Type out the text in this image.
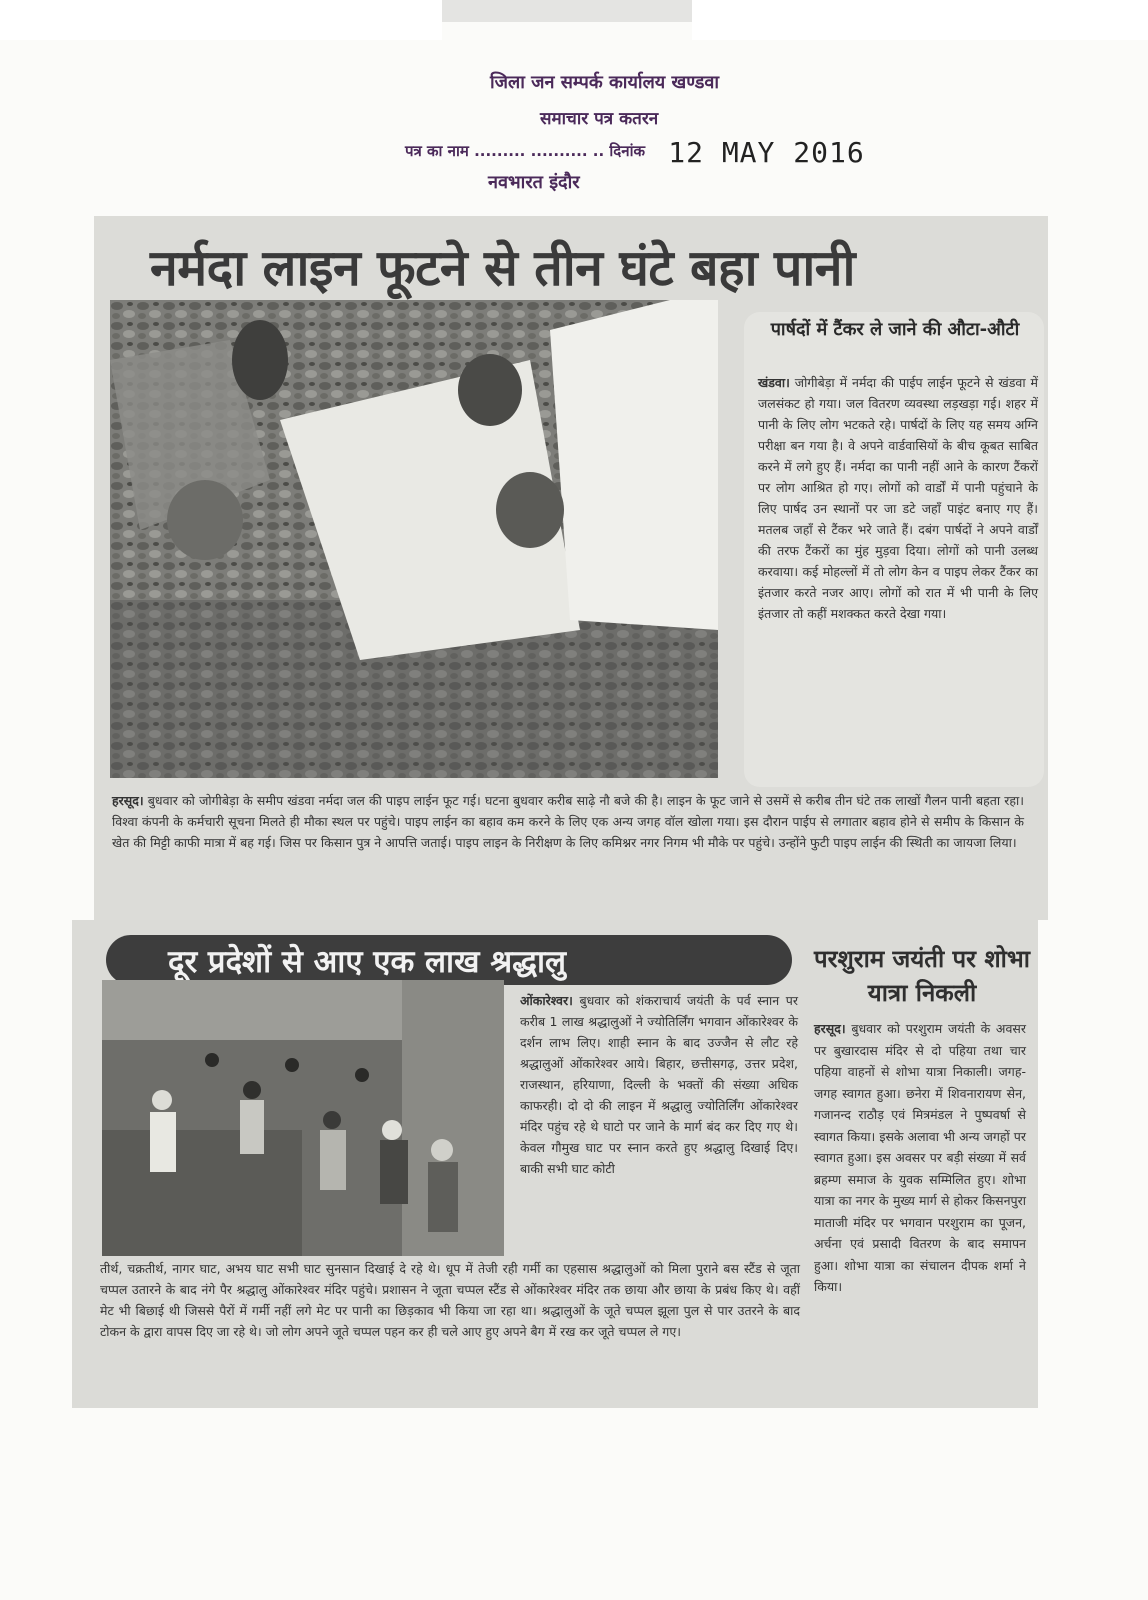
जिला जन सम्पर्क कार्यालय खण्डवा
समाचार पत्र कतरन
पत्र का नाम ......... .......... .. दिनांक 12 MAY 2016
नवभारत इंदौर
नर्मदा लाइन फूटने से तीन घंटे बहा पानी
पार्षदों में टैंकर ले जाने की औटा-औटी
खंडवा। जोगीबेड़ा में नर्मदा की पाईप लाईन फूटने से खंडवा में जलसंकट हो गया। जल वितरण व्यवस्था लड़खड़ा गई। शहर में पानी के लिए लोग भटकते रहे। पार्षदों के लिए यह समय अग्नि परीक्षा बन गया है। वे अपने वार्डवासियों के बीच कूबत साबित करने में लगे हुए हैं। नर्मदा का पानी नहीं आने के कारण टैंकरों पर लोग आश्रित हो गए। लोगों को वार्डों में पानी पहुंचाने के लिए पार्षद उन स्थानों पर जा डटे जहाँ पाइंट बनाए गए हैं। मतलब जहाँ से टैंकर भरे जाते हैं। दबंग पार्षदों ने अपने वार्डों की तरफ टैंकरों का मुंह मुड़वा दिया। लोगों को पानी उलब्ध करवाया। कई मोहल्लों में तो लोग केन व पाइप लेकर टैंकर का इंतजार करते नजर आए। लोगों को रात में भी पानी के लिए इंतजार तो कहीं मशक्कत करते देखा गया।
हरसूद। बुधवार को जोगीबेड़ा के समीप खंडवा नर्मदा जल की पाइप लाईन फूट गई। घटना बुधवार करीब साढ़े नौ बजे की है। लाइन के फूट जाने से उसमें से करीब तीन घंटे तक लाखों गैलन पानी बहता रहा। विश्वा कंपनी के कर्मचारी सूचना मिलते ही मौका स्थल पर पहुंचे। पाइप लाईन का बहाव कम करने के लिए एक अन्य जगह वॉल खोला गया। इस दौरान पाईप से लगातार बहाव होने से समीप के किसान के खेत की मिट्टी काफी मात्रा में बह गई। जिस पर किसान पुत्र ने आपत्ति जताई। पाइप लाइन के निरीक्षण के लिए कमिश्नर नगर निगम भी मौके पर पहुंचे। उन्होंने फुटी पाइप लाईन की स्थिती का जायजा लिया।
दूर प्रदेशों से आए एक लाख श्रद्धालु
ओंकारेश्वर। बुधवार को शंकराचार्य जयंती के पर्व स्नान पर करीब 1 लाख श्रद्धालुओं ने ज्योतिर्लिंग भगवान ओंकारेश्वर के दर्शन लाभ लिए। शाही स्नान के बाद उज्जैन से लौट रहे श्रद्धालुओं ओंकारेश्वर आये। बिहार, छत्तीसगढ़, उत्तर प्रदेश, राजस्थान, हरियाणा, दिल्ली के भक्तों की संख्या अधिक काफरही। दो दो की लाइन में श्रद्धालु ज्योतिर्लिंग ओंकारेश्वर मंदिर पहुंच रहे थे घाटो पर जाने के मार्ग बंद कर दिए गए थे। केवल गौमुख घाट पर स्नान करते हुए श्रद्धालु दिखाई दिए। बाकी सभी घाट कोटी
तीर्थ, चक्रतीर्थ, नागर घाट, अभय घाट सभी घाट सुनसान दिखाई दे रहे थे। धूप में तेजी रही गर्मी का एहसास श्रद्धालुओं को मिला पुराने बस स्टैंड से जूता चप्पल उतारने के बाद नंगे पैर श्रद्धालु ओंकारेश्वर मंदिर पहुंचे। प्रशासन ने जूता चप्पल स्टैंड से ओंकारेश्वर मंदिर तक छाया और छाया के प्रबंध किए थे। वहीं मेट भी बिछाई थी जिससे पैरों में गर्मी नहीं लगे मेट पर पानी का छिड़काव भी किया जा रहा था। श्रद्धालुओं के जूते चप्पल झूला पुल से पार उतरने के बाद टोकन के द्वारा वापस दिए जा रहे थे। जो लोग अपने जूते चप्पल पहन कर ही चले आए हुए अपने बैग में रख कर जूते चप्पल ले गए।
परशुराम जयंती पर शोभा यात्रा निकली
हरसूद। बुधवार को परशुराम जयंती के अवसर पर बुखारदास मंदिर से दो पहिया तथा चार पहिया वाहनों से शोभा यात्रा निकाली। जगह-जगह स्वागत हुआ। छनेरा में शिवनारायण सेन, गजानन्द राठौड़ एवं मित्रमंडल ने पुष्पवर्षा से स्वागत किया। इसके अलावा भी अन्य जगहों पर स्वागत हुआ। इस अवसर पर बड़ी संख्या में सर्व ब्रहम्ण समाज के युवक सम्मिलित हुए। शोभा यात्रा का नगर के मुख्य मार्ग से होकर किसनपुरा माताजी मंदिर पर भगवान परशुराम का पूजन, अर्चना एवं प्रसादी वितरण के बाद समापन हुआ। शोभा यात्रा का संचालन दीपक शर्मा ने किया।
